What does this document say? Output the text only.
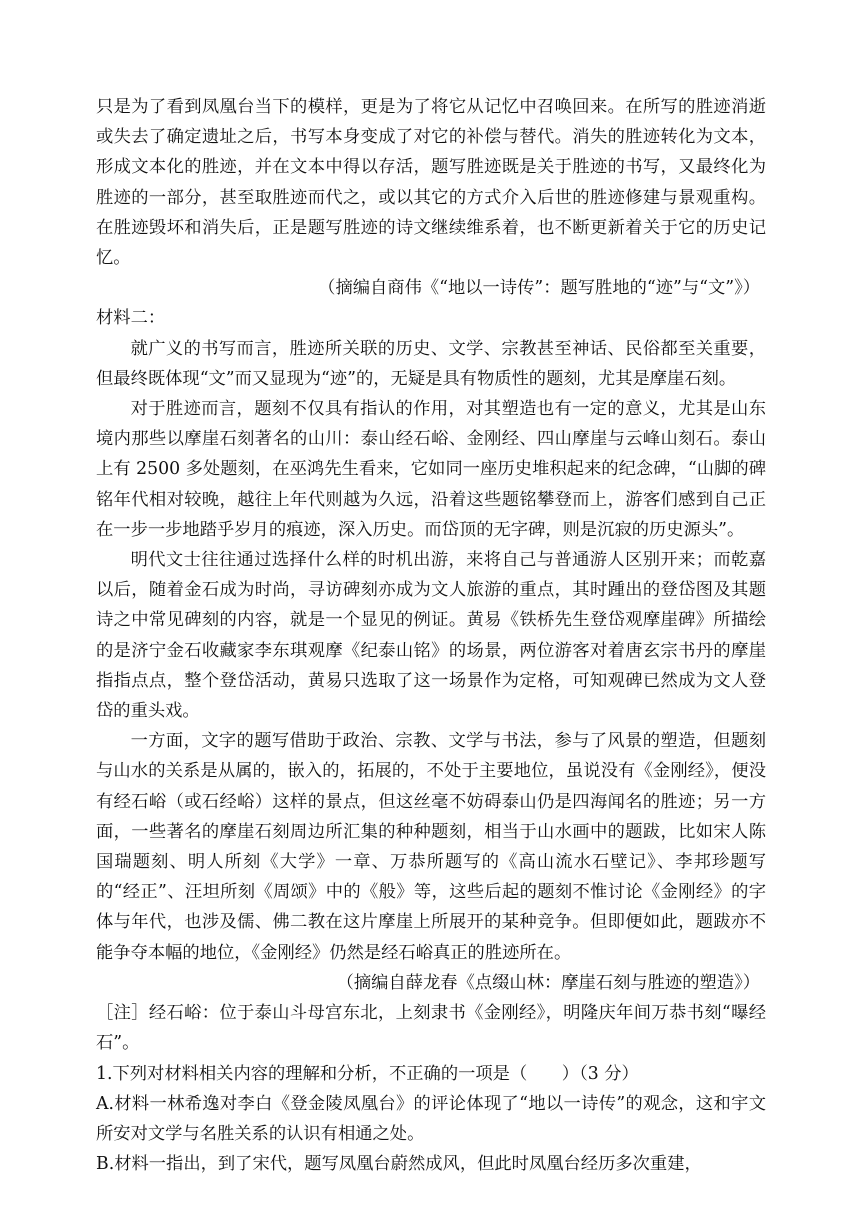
只是为了看到凤凰台当下的模样，更是为了将它从记忆中召唤回来。在所写的胜迹消逝或失去了确定遗址之后，书写本身变成了对它的补偿与替代。消失的胜迹转化为文本，形成文本化的胜迹，并在文本中得以存活，题写胜迹既是关于胜迹的书写，又最终化为胜迹的一部分，甚至取胜迹而代之，或以其它的方式介入后世的胜迹修建与景观重构。在胜迹毁坏和消失后，正是题写胜迹的诗文继续维系着，也不断更新着关于它的历史记忆。

（摘编自商伟《“地以一诗传”：题写胜地的“迹”与“文”》）

材料二：

就广义的书写而言，胜迹所关联的历史、文学、宗教甚至神话、民俗都至关重要，但最终既体现“文”而又显现为“迹”的，无疑是具有物质性的题刻，尤其是摩崖石刻。

对于胜迹而言，题刻不仅具有指认的作用，对其塑造也有一定的意义，尤其是山东境内那些以摩崖石刻著名的山川：泰山经石峪、金刚经、四山摩崖与云峰山刻石。泰山上有 2500 多处题刻，在巫鸿先生看来，它如同一座历史堆积起来的纪念碑，“山脚的碑铭年代相对较晚，越往上年代则越为久远，沿着这些题铭攀登而上，游客们感到自己正在一步一步地踏乎岁月的痕迹，深入历史。而岱顶的无字碑，则是沉寂的历史源头”。

明代文士往往通过选择什么样的时机出游，来将自己与普通游人区别开来；而乾嘉以后，随着金石成为时尚，寻访碑刻亦成为文人旅游的重点，其时踵出的登岱图及其题诗之中常见碑刻的内容，就是一个显见的例证。黄易《铁桥先生登岱观摩崖碑》所描绘的是济宁金石收藏家李东琪观摩《纪泰山铭》的场景，两位游客对着唐玄宗书丹的摩崖指指点点，整个登岱活动，黄易只选取了这一场景作为定格，可知观碑已然成为文人登岱的重头戏。

一方面，文字的题写借助于政治、宗教、文学与书法，参与了风景的塑造，但题刻与山水的关系是从属的，嵌入的，拓展的，不处于主要地位，虽说没有《金刚经》，便没有经石峪（或石经峪）这样的景点，但这丝毫不妨碍泰山仍是四海闻名的胜迹；另一方面，一些著名的摩崖石刻周边所汇集的种种题刻，相当于山水画中的题跋，比如宋人陈国瑞题刻、明人所刻《大学》一章、万恭所题写的《高山流水石壁记》、李邦珍题写的“经正”、汪坦所刻《周颂》中的《般》等，这些后起的题刻不惟讨论《金刚经》的字体与年代，也涉及儒、佛二教在这片摩崖上所展开的某种竞争。但即便如此，题跋亦不能争夺本幅的地位，《金刚经》仍然是经石峪真正的胜迹所在。

（摘编自薛龙春《点缀山林：摩崖石刻与胜迹的塑造》）

［注］经石峪：位于泰山斗母宫东北，上刻隶书《金刚经》，明隆庆年间万恭书刻“曝经石”。

1.下列对材料相关内容的理解和分析，不正确的一项是（　　）（3 分）

A.材料一林希逸对李白《登金陵凤凰台》的评论体现了“地以一诗传”的观念，这和宇文所安对文学与名胜关系的认识有相通之处。

B.材料一指出，到了宋代，题写凤凰台蔚然成风，但此时凤凰台经历多次重建，
